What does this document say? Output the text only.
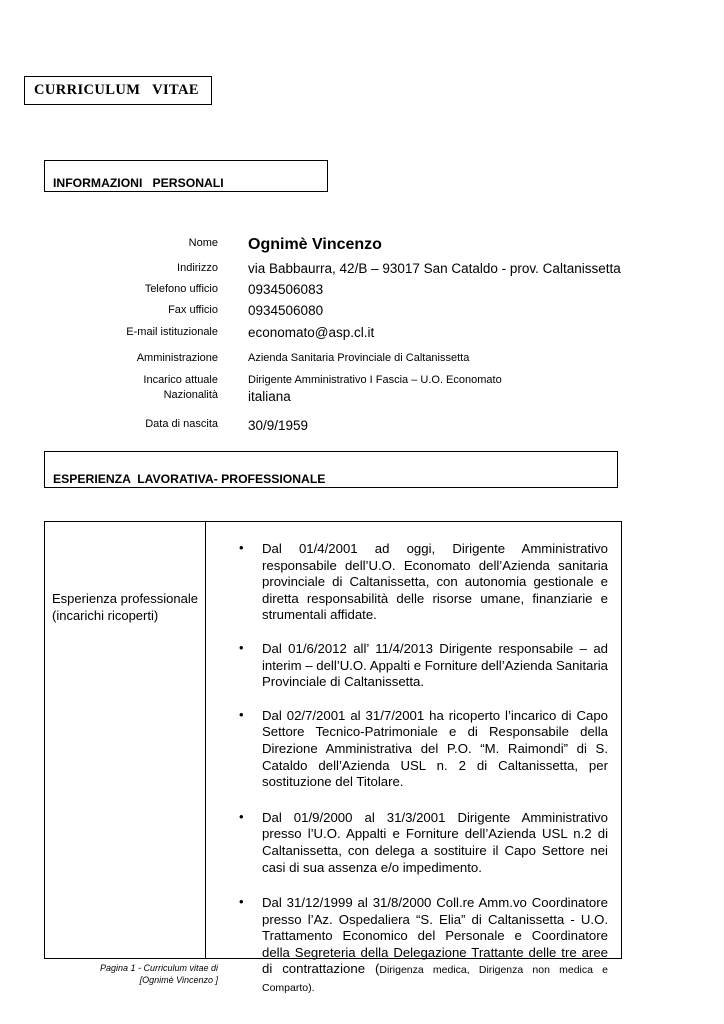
CURRICULUM   VITAE
INFORMAZIONI   PERSONALI
Nome Ognimè Vincenzo
Indirizzo via Babbaurra, 42/B – 93017 San Cataldo - prov. Caltanissetta
Telefono ufficio 0934506083
Fax ufficio 0934506080
E-mail istituzionale economato@asp.cl.it
Amministrazione	Azienda Sanitaria Provinciale di Caltanissetta
Incarico attuale	Dirigente Amministrativo I Fascia – U.O. Economato
Nazionalità italiana
Data di nascita 30/9/1959
ESPERIENZA  LAVORATIVA- PROFESSIONALE
Esperienza professionale
(incarichi ricoperti)
• Dal 01/4/2001 ad oggi, Dirigente Amministrativo responsabile dell’U.O. Economato dell’Azienda sanitaria provinciale di Caltanissetta, con autonomia gestionale e diretta responsabilità delle risorse umane, finanziarie e strumentali affidate.
• Dal 01/6/2012 all’ 11/4/2013 Dirigente responsabile – ad interim – dell’U.O. Appalti e Forniture dell’Azienda Sanitaria Provinciale di Caltanissetta.
• Dal 02/7/2001 al 31/7/2001 ha ricoperto l’incarico di Capo Settore Tecnico-Patrimoniale e di Responsabile della Direzione Amministrativa del P.O. “M. Raimondi” di S. Cataldo dell’Azienda USL n. 2 di Caltanissetta, per sostituzione del Titolare.
• Dal 01/9/2000 al 31/3/2001 Dirigente Amministrativo presso l’U.O. Appalti e Forniture dell’Azienda USL n.2 di Caltanissetta, con delega a sostituire il Capo Settore nei casi di sua assenza e/o impedimento.
• Dal 31/12/1999 al 31/8/2000 Coll.re Amm.vo Coordinatore presso l’Az. Ospedaliera “S. Elia” di Caltanissetta - U.O. Trattamento Economico del Personale e Coordinatore della Segreteria della Delegazione Trattante delle tre aree di contrattazione (Dirigenza medica, Dirigenza non medica e Comparto).
Pagina 1 - Curriculum vitae di
[Ognimè Vincenzo ]
